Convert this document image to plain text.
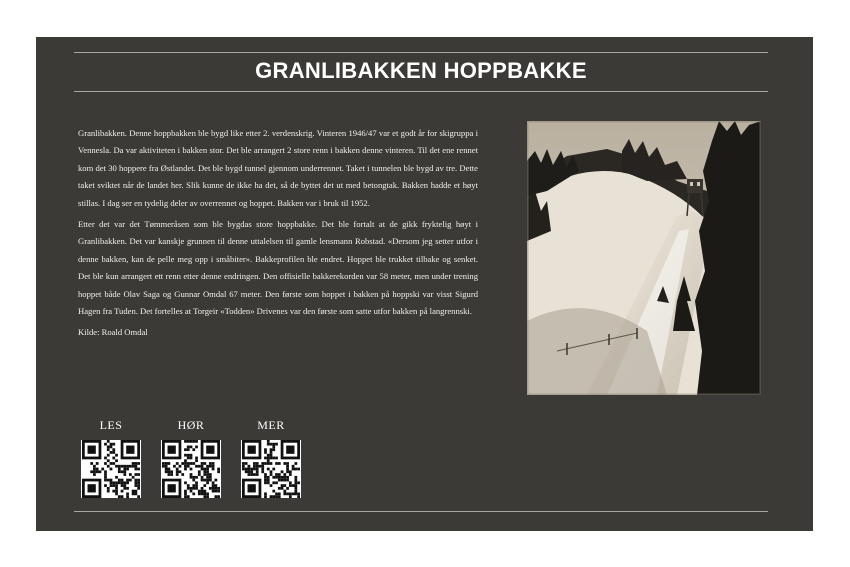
GRANLIBAKKEN HOPPBAKKE

Granlibakken. Denne hoppbakken ble bygd like etter 2. verdenskrig. Vinteren 1946/47 var et godt år for skigruppa i Vennesla. Da var aktiviteten i bakken stor. Det ble arrangert 2 store renn i bakken denne vinteren. Til det ene rennet kom det 30 hoppere fra Østlandet. Det ble bygd tunnel gjennom underrennet. Taket i tunnelen ble bygd av tre. Dette taket sviktet når de landet her. Slik kunne de ikke ha det, så de byttet det ut med betongtak. Bakken hadde et høyt stillas. I dag ser en tydelig deler av overrennet og hoppet. Bakken var i bruk til 1952.

Etter det var det Tømmeråsen som ble bygdas store hoppbakke. Det ble fortalt at de gikk fryktelig høyt i Granlibakken. Det var kanskje grunnen til denne uttalelsen til gamle lensmann Robstad. «Dersom jeg setter utfor i denne bakken, kan de pelle meg opp i småbiter». Bakkeprofilen ble endret. Hoppet ble trukket tilbake og senket. Det ble kun arrangert ett renn etter denne endringen. Den offisielle bakkerekorden var 58 meter, men under trening hoppet både Olav Saga og Gunnar Omdal 67 meter. Den første som hoppet i bakken på hoppski var visst Sigurd Hagen fra Tuden. Det fortelles at Torgeir «Todden» Drivenes var den første som satte utfor bakken på langrennski.

Kilde: Roald Omdal

LES	HØR	MER
